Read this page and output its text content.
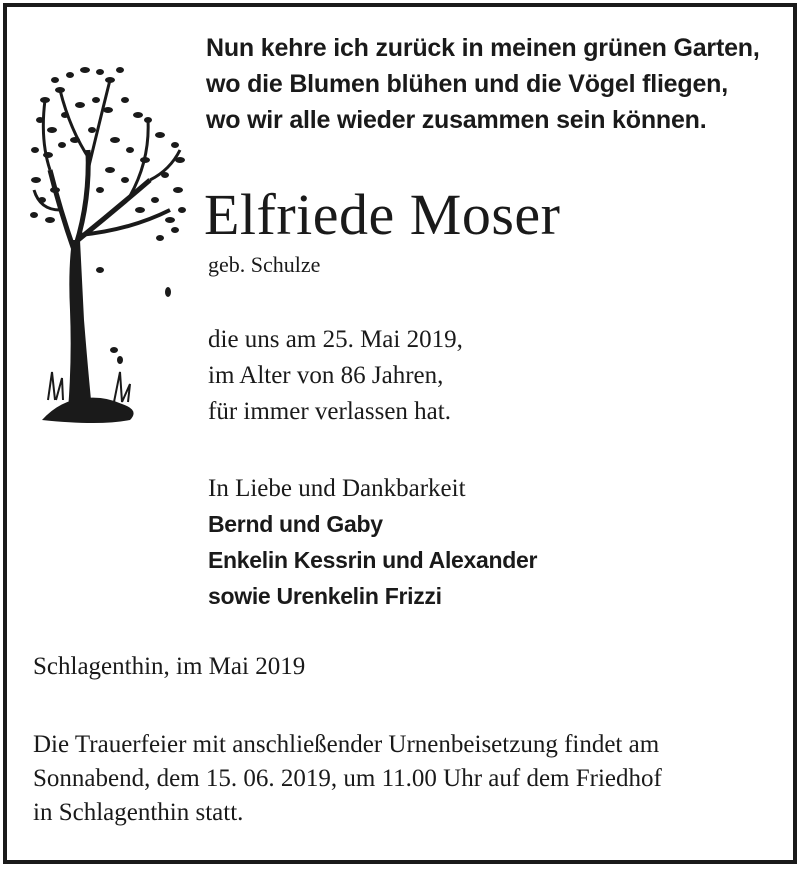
Nun kehre ich zurück in meinen grünen Garten,
wo die Blumen blühen und die Vögel fliegen,
wo wir alle wieder zusammen sein können.
Elfriede Moser
geb. Schulze
die uns am 25. Mai 2019,
im Alter von 86 Jahren,
für immer verlassen hat.
In Liebe und Dankbarkeit
Bernd und Gaby
Enkelin Kessrin und Alexander
sowie Urenkelin Frizzi
Schlagenthin, im Mai 2019
Die Trauerfeier mit anschließender Urnenbeisetzung findet am
Sonnabend, dem 15. 06. 2019, um 11.00 Uhr auf dem Friedhof
in Schlagenthin statt.
